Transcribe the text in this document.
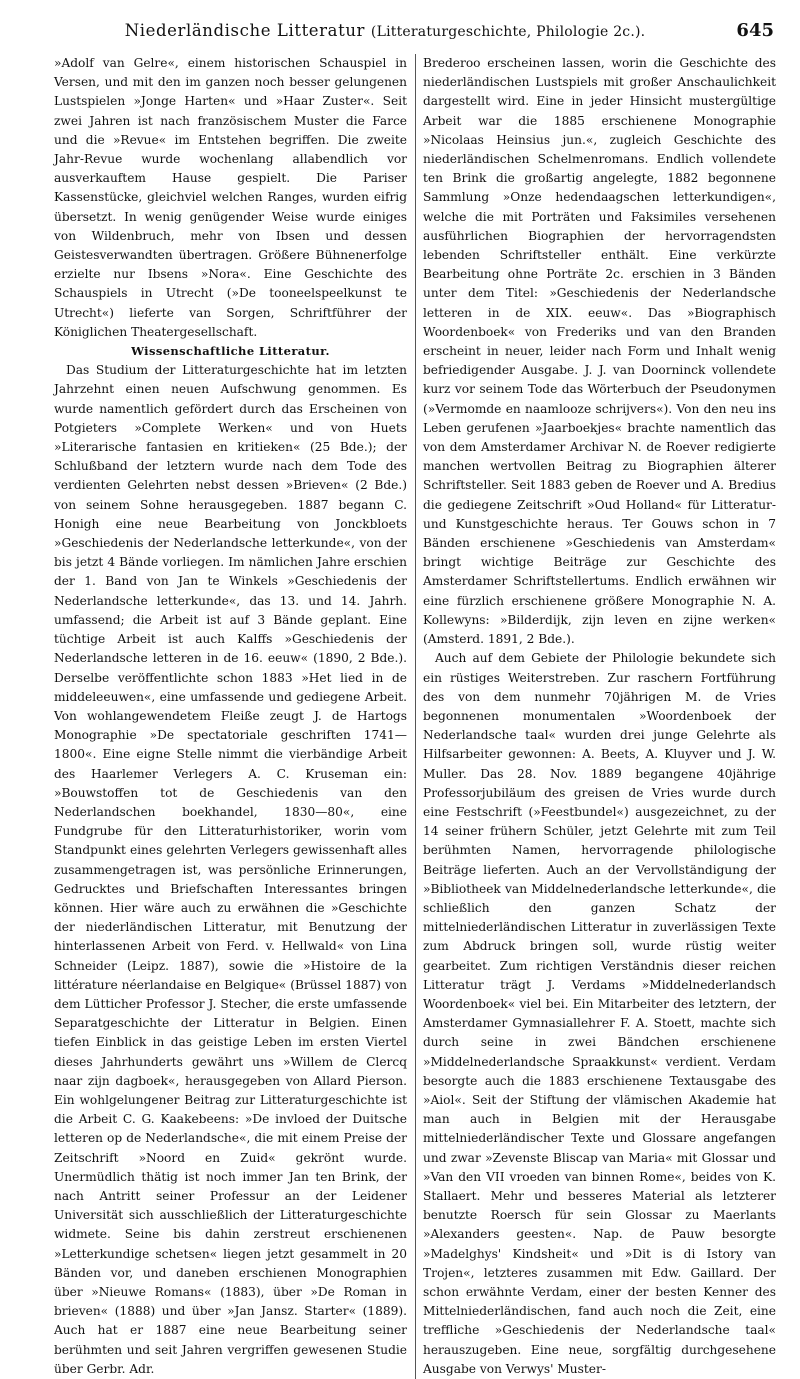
Niederländische Litteratur (Litteraturgeschichte, Philologie 2c.).	645

»Adolf van Gelre«, einem historischen Schauspiel in Versen, und mit den im ganzen noch besser gelungenen Lustspielen »Jonge Harten« und »Haar Zuster«. Seit zwei Jahren ist nach französischem Muster die Farce und die »Revue« im Entstehen begriffen. Die zweite Jahr-Revue wurde wochenlang allabendlich vor ausverkauftem Hause gespielt. Die Pariser Kassenstücke, gleichviel welchen Ranges, wurden eifrig übersetzt. In wenig genügender Weise wurde einiges von Wildenbruch, mehr von Ibsen und dessen Geistesverwandten übertragen. Größere Bühnenerfolge erzielte nur Ibsens »Nora«. Eine Geschichte des Schauspiels in Utrecht (»De tooneelspeelkunst te Utrecht«) lieferte van Sorgen, Schriftführer der Königlichen Theatergesellschaft.

Wissenschaftliche Litteratur.

Das Studium der Litteraturgeschichte hat im letzten Jahrzehnt einen neuen Aufschwung genommen. Es wurde namentlich gefördert durch das Erscheinen von Potgieters »Complete Werken« und von Huets »Literarische fantasien en kritieken« (25 Bde.); der Schlußband der letztern wurde nach dem Tode des verdienten Gelehrten nebst dessen »Brieven« (2 Bde.) von seinem Sohne herausgegeben. 1887 begann C. Honigh eine neue Bearbeitung von Jonckbloets »Geschiedenis der Nederlandsche letterkunde«, von der bis jetzt 4 Bände vorliegen. Im nämlichen Jahre erschien der 1. Band von Jan te Winkels »Geschiedenis der Nederlandsche letterkunde«, das 13. und 14. Jahrh. umfassend; die Arbeit ist auf 3 Bände geplant. Eine tüchtige Arbeit ist auch Kalffs »Geschiedenis der Nederlandsche letteren in de 16. eeuw« (1890, 2 Bde.). Derselbe veröffentlichte schon 1883 »Het lied in de middeleeuwen«, eine umfassende und gediegene Arbeit. Von wohlangewendetem Fleiße zeugt J. de Hartogs Monographie »De spectatoriale geschriften 1741—1800«. Eine eigne Stelle nimmt die vierbändige Arbeit des Haarlemer Verlegers A. C. Kruseman ein: »Bouwstoffen tot de Geschiedenis van den Nederlandschen boekhandel, 1830—80«, eine Fundgrube für den Litteraturhistoriker, worin vom Standpunkt eines gelehrten Verlegers gewissenhaft alles zusammengetragen ist, was persönliche Erinnerungen, Gedrucktes und Briefschaften Interessantes bringen können. Hier wäre auch zu erwähnen die »Geschichte der niederländischen Litteratur, mit Benutzung der hinterlassenen Arbeit von Ferd. v. Hellwald« von Lina Schneider (Leipz. 1887), sowie die »Histoire de la littérature néerlandaise en Belgique« (Brüssel 1887) von dem Lütticher Professor J. Stecher, die erste umfassende Separatgeschichte der Litteratur in Belgien. Einen tiefen Einblick in das geistige Leben im ersten Viertel dieses Jahrhunderts gewährt uns »Willem de Clercq naar zijn dagboek«, herausgegeben von Allard Pierson. Ein wohlgelungener Beitrag zur Litteraturgeschichte ist die Arbeit C. G. Kaakebeens: »De invloed der Duitsche letteren op de Nederlandsche«, die mit einem Preise der Zeitschrift »Noord en Zuid« gekrönt wurde. Unermüdlich thätig ist noch immer Jan ten Brink, der nach Antritt seiner Professur an der Leidener Universität sich ausschließlich der Litteraturgeschichte widmete. Seine bis dahin zerstreut erschienenen »Letterkundige schetsen« liegen jetzt gesammelt in 20 Bänden vor, und daneben erschienen Monographien über »Nieuwe Romans« (1883), über »De Roman in brieven« (1888) und über »Jan Jansz. Starter« (1889). Auch hat er 1887 eine neue Bearbeitung seiner berühmten und seit Jahren vergriffen gewesenen Studie über Gerbr. Adr.

Brederoo erscheinen lassen, worin die Geschichte des niederländischen Lustspiels mit großer Anschaulichkeit dargestellt wird. Eine in jeder Hinsicht mustergültige Arbeit war die 1885 erschienene Monographie »Nicolaas Heinsius jun.«, zugleich Geschichte des niederländischen Schelmenromans. Endlich vollendete ten Brink die großartig angelegte, 1882 begonnene Sammlung »Onze hedendaagschen letterkundigen«, welche die mit Porträten und Faksimiles versehenen ausführlichen Biographien der hervorragendsten lebenden Schriftsteller enthält. Eine verkürzte Bearbeitung ohne Porträte 2c. erschien in 3 Bänden unter dem Titel: »Geschiedenis der Nederlandsche letteren in de XIX. eeuw«. Das »Biographisch Woordenboek« von Frederiks und van den Branden erscheint in neuer, leider nach Form und Inhalt wenig befriedigender Ausgabe. J. J. van Doorninck vollendete kurz vor seinem Tode das Wörterbuch der Pseudonymen (»Vermomde en naamlooze schrijvers«). Von den neu ins Leben gerufenen »Jaarboekjes« brachte namentlich das von dem Amsterdamer Archivar N. de Roever redigierte manchen wertvollen Beitrag zu Biographien älterer Schriftsteller. Seit 1883 geben de Roever und A. Bredius die gediegene Zeitschrift »Oud Holland« für Litteratur- und Kunstgeschichte heraus. Ter Gouws schon in 7 Bänden erschienene »Geschiedenis van Amsterdam« bringt wichtige Beiträge zur Geschichte des Amsterdamer Schriftstellertums. Endlich erwähnen wir eine fürzlich erschienene größere Monographie N. A. Kollewyns: »Bilderdijk, zijn leven en zijne werken« (Amsterd. 1891, 2 Bde.).

Auch auf dem Gebiete der Philologie bekundete sich ein rüstiges Weiterstreben. Zur raschern Fortführung des von dem nunmehr 70jährigen M. de Vries begonnenen monumentalen »Woordenboek der Nederlandsche taal« wurden drei junge Gelehrte als Hilfsarbeiter gewonnen: A. Beets, A. Kluyver und J. W. Muller. Das 28. Nov. 1889 begangene 40jährige Professorjubiläum des greisen de Vries wurde durch eine Festschrift (»Feestbundel«) ausgezeichnet, zu der 14 seiner frühern Schüler, jetzt Gelehrte mit zum Teil berühmten Namen, hervorragende philologische Beiträge lieferten. Auch an der Vervollständigung der »Bibliotheek van Middelnederlandsche letterkunde«, die schließlich den ganzen Schatz der mittelniederländischen Litteratur in zuverlässigen Texte zum Abdruck bringen soll, wurde rüstig weiter gearbeitet. Zum richtigen Verständnis dieser reichen Litteratur trägt J. Verdams »Middelnederlandsch Woordenboek« viel bei. Ein Mitarbeiter des letztern, der Amsterdamer Gymnasiallehrer F. A. Stoett, machte sich durch seine in zwei Bändchen erschienene »Middelnederlandsche Spraakkunst« verdient. Verdam besorgte auch die 1883 erschienene Textausgabe des »Aiol«. Seit der Stiftung der vlämischen Akademie hat man auch in Belgien mit der Herausgabe mittelniederländischer Texte und Glossare angefangen und zwar »Zevenste Bliscap van Maria« mit Glossar und »Van den VII vroeden van binnen Rome«, beides von K. Stallaert. Mehr und besseres Material als letzterer benutzte Roersch für sein Glossar zu Maerlants »Alexanders geesten«. Nap. de Pauw besorgte »Madelghys' Kindsheit« und »Dit is di Istory van Trojen«, letzteres zusammen mit Edw. Gaillard. Der schon erwähnte Verdam, einer der besten Kenner des Mittelniederländischen, fand auch noch die Zeit, eine treffliche »Geschiedenis der Nederlandsche taal« herauszugeben. Eine neue, sorgfältig durchgesehene Ausgabe von Verwys' Muster-
